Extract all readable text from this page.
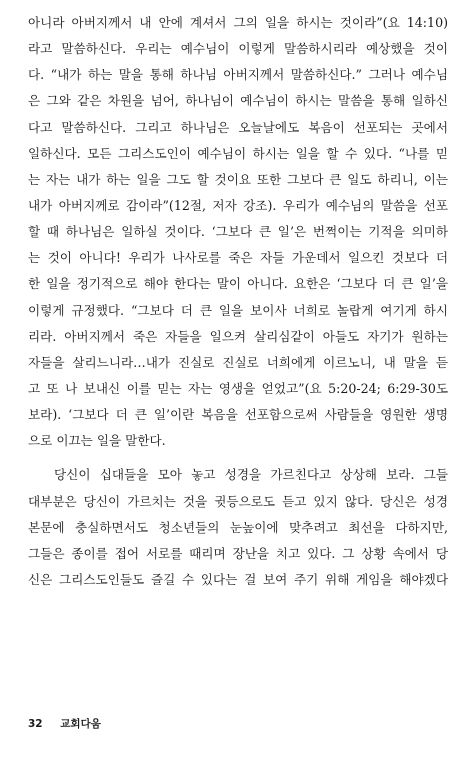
아니라 아버지께서 내 안에 계셔서 그의 일을 하시는 것이라”(요 14:10)
라고 말씀하신다. 우리는 예수님이 이렇게 말씀하시리라 예상했을 것이
다. “내가 하는 말을 통해 하나님 아버지께서 말씀하신다.” 그러나 예수님
은 그와 같은 차원을 넘어, 하나님이 예수님이 하시는 말씀을 통해 일하신
다고 말씀하신다. 그리고 하나님은 오늘날에도 복음이 선포되는 곳에서
일하신다. 모든 그리스도인이 예수님이 하시는 일을 할 수 있다. “나를 믿
는 자는 내가 하는 일을 그도 할 것이요 또한 그보다 큰 일도 하리니, 이는
내가 아버지께로 감이라”(12절, 저자 강조). 우리가 예수님의 말씀을 선포
할 때 하나님은 일하실 것이다. ‘그보다 큰 일’은 번쩍이는 기적을 의미하
는 것이 아니다! 우리가 나사로를 죽은 자들 가운데서 일으킨 것보다 더
한 일을 정기적으로 해야 한다는 말이 아니다. 요한은 ‘그보다 더 큰 일’을
이렇게 규정했다. “그보다 더 큰 일을 보이사 너희로 놀랍게 여기게 하시
리라. 아버지께서 죽은 자들을 일으켜 살리심같이 아들도 자기가 원하는
자들을 살리느니라…내가 진실로 진실로 너희에게 이르노니, 내 말을 듣
고 또 나 보내신 이를 믿는 자는 영생을 얻었고”(요 5:20-24; 6:29-30도
보라). ‘그보다 더 큰 일’이란 복음을 선포함으로써 사람들을 영원한 생명
으로 이끄는 일을 말한다.
당신이 십대들을 모아 놓고 성경을 가르친다고 상상해 보라. 그들
대부분은 당신이 가르치는 것을 귓등으로도 듣고 있지 않다. 당신은 성경
본문에 충실하면서도 청소년들의 눈높이에 맞추려고 최선을 다하지만,
그들은 종이를 접어 서로를 때리며 장난을 치고 있다. 그 상황 속에서 당
신은 그리스도인들도 즐길 수 있다는 걸 보여 주기 위해 게임을 해야겠다
32 교회다움
